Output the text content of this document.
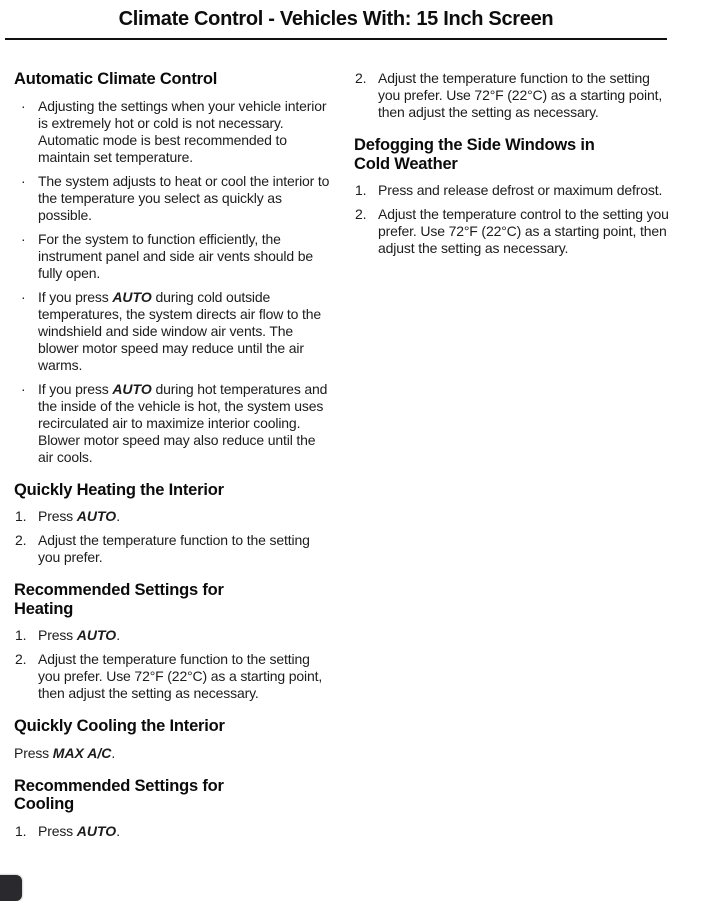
Climate Control - Vehicles With: 15 Inch Screen
Automatic Climate Control
· Adjusting the settings when your vehicle interior is extremely hot or cold is not necessary. Automatic mode is best recommended to maintain set temperature.
· The system adjusts to heat or cool the interior to the temperature you select as quickly as possible.
· For the system to function efficiently, the instrument panel and side air vents should be fully open.
· If you press AUTO during cold outside temperatures, the system directs air flow to the windshield and side window air vents. The blower motor speed may reduce until the air warms.
· If you press AUTO during hot temperatures and the inside of the vehicle is hot, the system uses recirculated air to maximize interior cooling. Blower motor speed may also reduce until the air cools.
Quickly Heating the Interior
1. Press AUTO.
2. Adjust the temperature function to the setting you prefer.
Recommended Settings for Heating
1. Press AUTO.
2. Adjust the temperature function to the setting you prefer. Use 72°F (22°C) as a starting point, then adjust the setting as necessary.
Quickly Cooling the Interior

Press MAX A/C.

Recommended Settings for Cooling
1. Press AUTO.
2. Adjust the temperature function to the setting you prefer. Use 72°F (22°C) as a starting point, then adjust the setting as necessary.
Defogging the Side Windows in Cold Weather
1. Press and release defrost or maximum defrost.
2. Adjust the temperature control to the setting you prefer. Use 72°F (22°C) as a starting point, then adjust the setting as necessary.
